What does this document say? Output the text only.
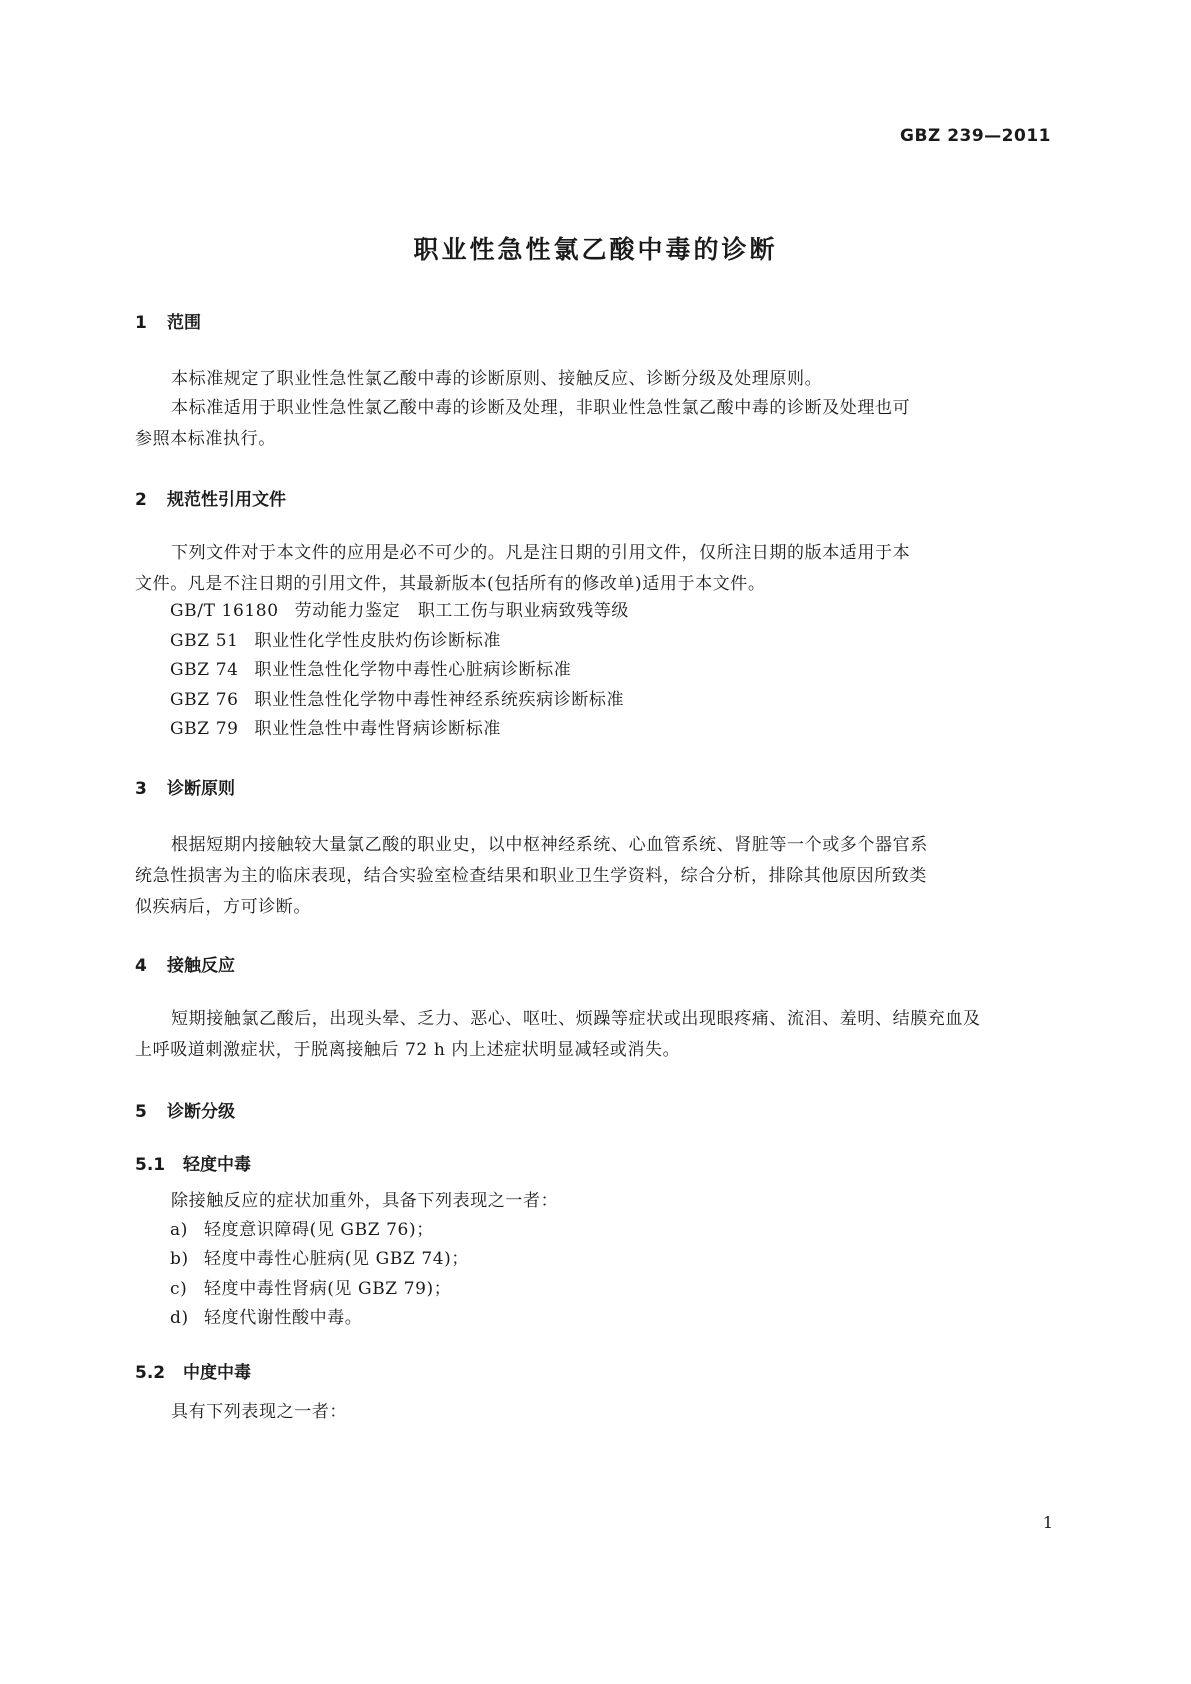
GBZ 239—2011
职业性急性氯乙酸中毒的诊断
1 范围
本标准规定了职业性急性氯乙酸中毒的诊断原则、接触反应、诊断分级及处理原则。
本标准适用于职业性急性氯乙酸中毒的诊断及处理，非职业性急性氯乙酸中毒的诊断及处理也可
参照本标准执行。
2 规范性引用文件
下列文件对于本文件的应用是必不可少的。凡是注日期的引用文件，仅所注日期的版本适用于本
文件。凡是不注日期的引用文件，其最新版本(包括所有的修改单)适用于本文件。
GB/T 16180 劳动能力鉴定　职工工伤与职业病致残等级
GBZ 51 职业性化学性皮肤灼伤诊断标准
GBZ 74 职业性急性化学物中毒性心脏病诊断标准
GBZ 76 职业性急性化学物中毒性神经系统疾病诊断标准
GBZ 79 职业性急性中毒性肾病诊断标准
3 诊断原则
根据短期内接触较大量氯乙酸的职业史，以中枢神经系统、心血管系统、肾脏等一个或多个器官系
统急性损害为主的临床表现，结合实验室检查结果和职业卫生学资料，综合分析，排除其他原因所致类
似疾病后，方可诊断。
4 接触反应
短期接触氯乙酸后，出现头晕、乏力、恶心、呕吐、烦躁等症状或出现眼疼痛、流泪、羞明、结膜充血及
上呼吸道刺激症状，于脱离接触后 72 h 内上述症状明显减轻或消失。
5 诊断分级
5.1 轻度中毒
除接触反应的症状加重外，具备下列表现之一者：
a) 轻度意识障碍(见 GBZ 76)；
b) 轻度中毒性心脏病(见 GBZ 74)；
c) 轻度中毒性肾病(见 GBZ 79)；
d) 轻度代谢性酸中毒。
5.2 中度中毒
具有下列表现之一者：
1
